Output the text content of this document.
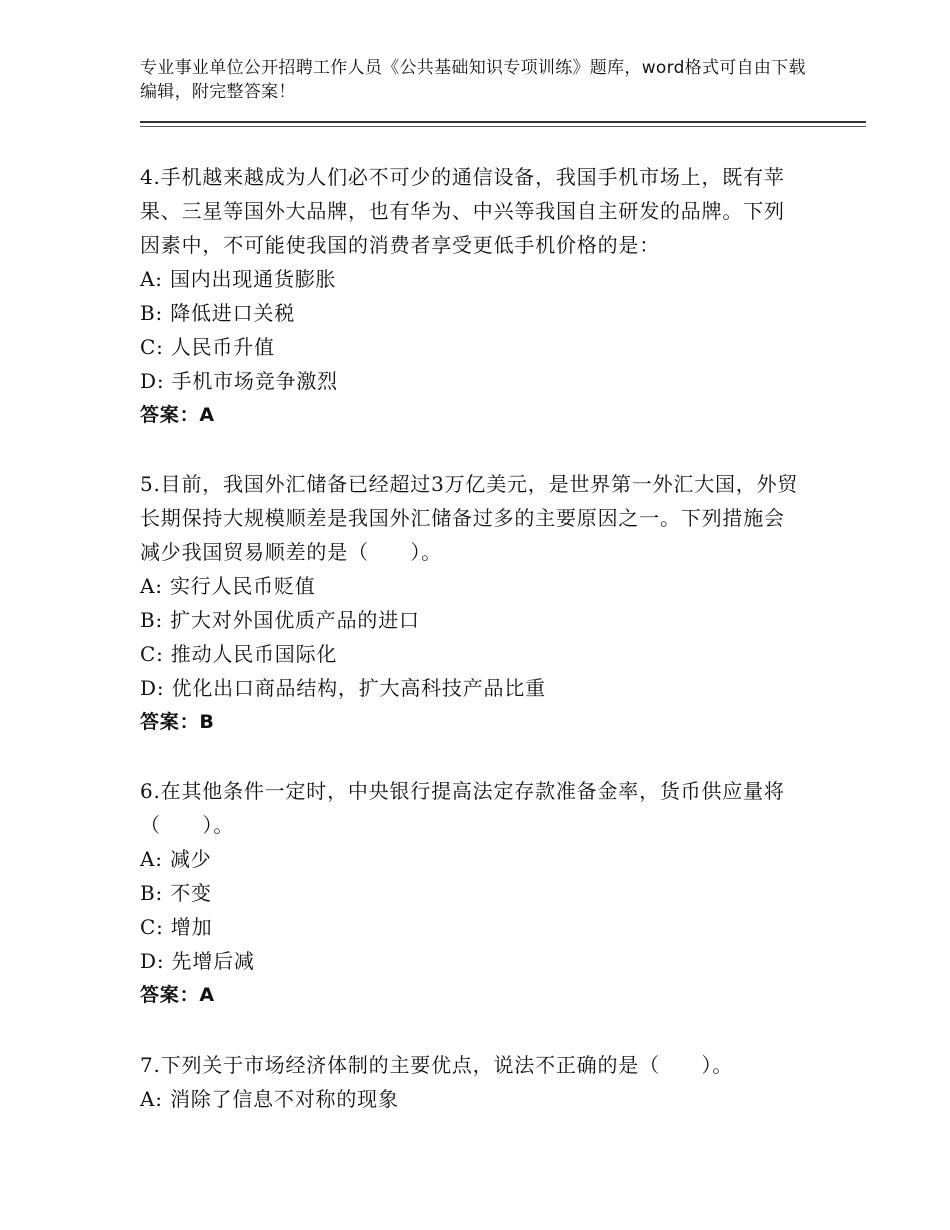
专业事业单位公开招聘工作人员《公共基础知识专项训练》题库，word格式可自由下载编辑，附完整答案！

4.手机越来越成为人们必不可少的通信设备，我国手机市场上，既有苹果、三星等国外大品牌，也有华为、中兴等我国自主研发的品牌。下列因素中，不可能使我国的消费者享受更低手机价格的是：

A: 国内出现通货膨胀
B: 降低进口关税
C: 人民币升值
D: 手机市场竞争激烈
答案：A

5.目前，我国外汇储备已经超过3万亿美元，是世界第一外汇大国，外贸长期保持大规模顺差是我国外汇储备过多的主要原因之一。下列措施会减少我国贸易顺差的是（　　）。

A: 实行人民币贬值
B: 扩大对外国优质产品的进口
C: 推动人民币国际化
D: 优化出口商品结构，扩大高科技产品比重
答案：B

6.在其他条件一定时，中央银行提高法定存款准备金率，货币供应量将（　　）。

A: 减少
B: 不变
C: 增加
D: 先增后减
答案：A

7.下列关于市场经济体制的主要优点，说法不正确的是（　　）。

A: 消除了信息不对称的现象
